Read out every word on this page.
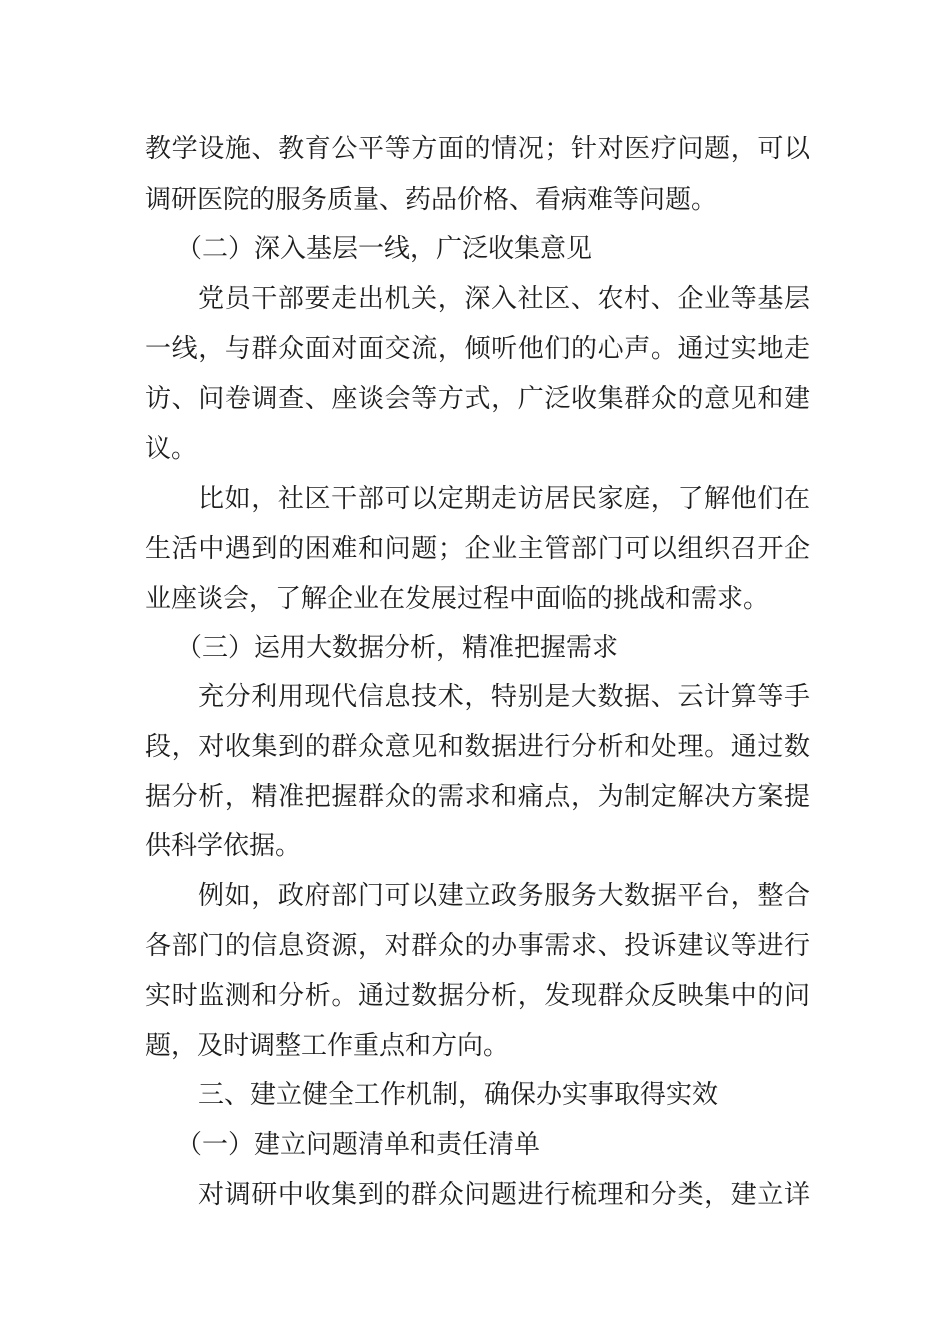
教学设施、教育公平等方面的情况；针对医疗问题，可以

调研医院的服务质量、药品价格、看病难等问题。

（二）深入基层一线，广泛收集意见

党员干部要走出机关，深入社区、农村、企业等基层

一线，与群众面对面交流，倾听他们的心声。通过实地走

访、问卷调查、座谈会等方式，广泛收集群众的意见和建

议。

比如，社区干部可以定期走访居民家庭，了解他们在

生活中遇到的困难和问题；企业主管部门可以组织召开企

业座谈会，了解企业在发展过程中面临的挑战和需求。

（三）运用大数据分析，精准把握需求

充分利用现代信息技术，特别是大数据、云计算等手

段，对收集到的群众意见和数据进行分析和处理。通过数

据分析，精准把握群众的需求和痛点，为制定解决方案提

供科学依据。

例如，政府部门可以建立政务服务大数据平台，整合

各部门的信息资源，对群众的办事需求、投诉建议等进行

实时监测和分析。通过数据分析，发现群众反映集中的问

题，及时调整工作重点和方向。

三、建立健全工作机制，确保办实事取得实效

（一）建立问题清单和责任清单

对调研中收集到的群众问题进行梳理和分类，建立详
